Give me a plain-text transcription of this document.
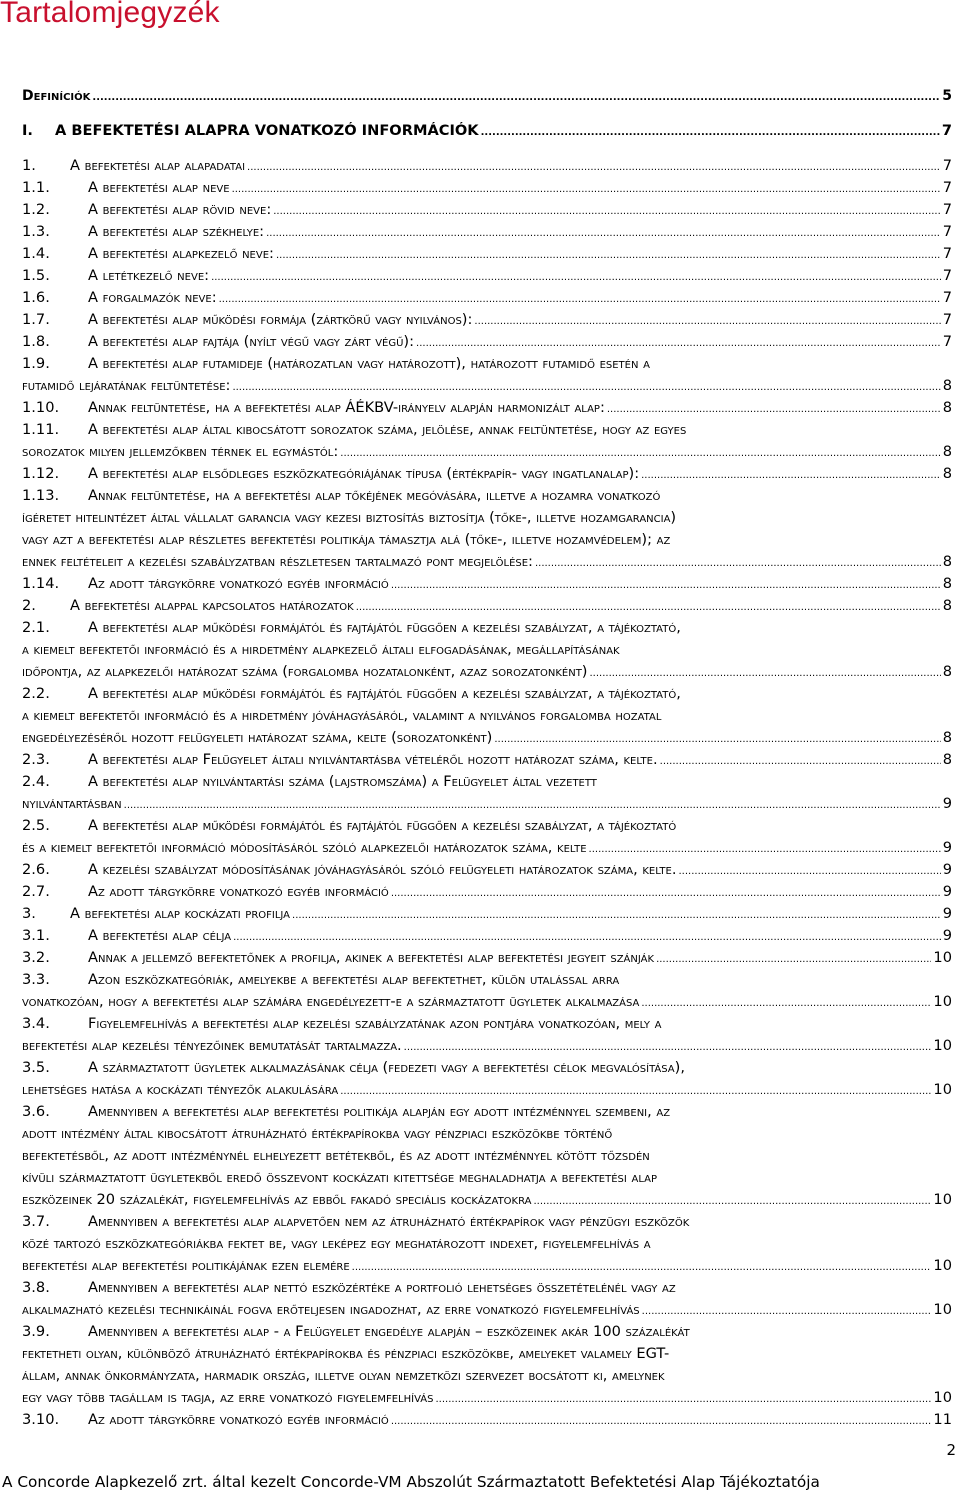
Tartalomjegyzék
Definíciók .....	5
I.	A BEFEKTETÉSI ALAPRA VONATKOZÓ INFORMÁCIÓK .....	7
1.	A befektetési alap alapadatai .....	7
1.1.	A befektetési alap neve .....	7
1.2.	A befektetési alap rövid neve: .....	7
1.3.	A befektetési alap székhelye: .....	7
1.4.	A befektetési alapkezelő neve: .....	7
1.5.	A letétkezelő neve: .....	7
1.6.	A forgalmazók neve: .....	7
1.7.	A befektetési alap működési formája (zártkörű vagy nyilvános): .....	7
1.8.	A befektetési alap fajtája (nyílt végű vagy zárt végű): .....	7
1.9.	A befektetési alap futamideje (határozatlan vagy határozott), határozott futamidő esetén a
futamidő lejáratának feltüntetése: .....	8
1.10.	Annak feltüntetése, ha a befektetési alap ÁÉKBV-irányelv alapján harmonizált alap: .....	8
1.11.	A befektetési alap által kibocsátott sorozatok száma, jelölése, annak feltüntetése, hogy az egyes
sorozatok milyen jellemzőkben térnek el egymástól: .....	8
1.12.	A befektetési alap elsődleges eszközkategóriájának típusa (értékpapír- vagy ingatlanalap): .....	8
1.13.	Annak feltüntetése, ha a befektetési alap tőkéjének megóvására, illetve a hozamra vonatkozó
ígéretet hitelintézet által vállalat garancia vagy kezesi biztosítás biztosítja (tőke-, illetve hozamgarancia)
vagy azt a befektetési alap részletes befektetési politikája támasztja alá (tőke-, illetve hozamvédelem); az
ennek feltételeit a kezelési szabályzatban részletesen tartalmazó pont megjelölése: .....	8
1.14.	Az adott tárgykörre vonatkozó egyéb információ .....	8
2.	A befektetési alappal kapcsolatos határozatok .....	8
2.1.	A befektetési alap működési formájától és fajtájától függően a kezelési szabályzat, a tájékoztató,
a kiemelt befektetői információ és a hirdetmény alapkezelő általi elfogadásának, megállapításának
időpontja, az alapkezelői határozat száma (forgalomba hozatalonként, azaz sorozatonként) .....	8
2.2.	A befektetési alap működési formájától és fajtájától függően a kezelési szabályzat, a tájékoztató,
a kiemelt befektetői információ és a hirdetmény jóváhagyásáról, valamint a nyilvános forgalomba hozatal
engedélyezéséről hozott felügyeleti határozat száma, kelte (sorozatonként) .....	8
2.3.	A befektetési alap Felügyelet általi nyilvántartásba vételéről hozott határozat száma, kelte. .....	8
2.4.	A befektetési alap nyilvántartási száma (lajstromszáma) a Felügyelet által vezetett
nyilvántartásban .....	9
2.5.	A befektetési alap működési formájától és fajtájától függően a kezelési szabályzat, a tájékoztató
és a kiemelt befektetői információ módosításáról szóló alapkezelői határozatok száma, kelte .....	9
2.6.	A kezelési szabályzat módosításának jóváhagyásáról szóló felügyeleti határozatok száma, kelte. .....	9
2.7.	Az adott tárgykörre vonatkozó egyéb információ .....	9
3.	A befektetési alap kockázati profilja .....	9
3.1.	A befektetési alap célja .....	9
3.2.	Annak a jellemző befektetőnek a profilja, akinek a befektetési alap befektetési jegyeit szánják .....	10
3.3.	Azon eszközkategóriák, amelyekbe a befektetési alap befektethet, külön utalással arra
vonatkozóan, hogy a befektetési alap számára engedélyezett-e a származtatott ügyletek alkalmazása .....	10
3.4.	Figyelemfelhívás a befektetési alap kezelési szabályzatának azon pontjára vonatkozóan, mely a
befektetési alap kezelési tényezőinek bemutatását tartalmazza. .....	10
3.5.	A származtatott ügyletek alkalmazásának célja (fedezeti vagy a befektetési célok megvalósítása),
lehetséges hatása a kockázati tényezők alakulására .....	10
3.6.	Amennyiben a befektetési alap befektetési politikája alapján egy adott intézménnyel szembeni, az
adott intézmény által kibocsátott átruházható értékpapírokba vagy pénzpiaci eszközökbe történő
befektetésből, az adott intézménynél elhelyezett betétekből, és az adott intézménnyel kötött tőzsdén
kívüli származtatott ügyletekből eredő összevont kockázati kitettsége meghaladhatja a befektetési alap
eszközeinek 20 százalékát, figyelemfelhívás az ebből fakadó speciális kockázatokra .....	10
3.7.	Amennyiben a befektetési alap alapvetően nem az átruházható értékpapírok vagy pénzügyi eszközök
közé tartozó eszközkategóriákba fektet be, vagy leképez egy meghatározott indexet, figyelemfelhívás a
befektetési alap befektetési politikájának ezen elemére .....	10
3.8.	Amennyiben a befektetési alap nettó eszközértéke a portfolió lehetséges összetételénél vagy az
alkalmazható kezelési technikáinál fogva erőteljesen ingadozhat, az erre vonatkozó figyelemfelhívás .....	10
3.9.	Amennyiben a befektetési alap - a Felügyelet engedélye alapján – eszközeinek akár 100 százalékát
fektetheti olyan, különböző átruházható értékpapírokba és pénzpiaci eszközökbe, amelyeket valamely EGT-
állam, annak önkormányzata, harmadik ország, illetve olyan nemzetközi szervezet bocsátott ki, amelynek
egy vagy több tagállam is tagja, az erre vonatkozó figyelemfelhívás .....	10
3.10.	Az adott tárgykörre vonatkozó egyéb információ .....	11
2
A Concorde Alapkezelő zrt. által kezelt Concorde-VM Abszolút Származtatott Befektetési Alap Tájékoztatója
